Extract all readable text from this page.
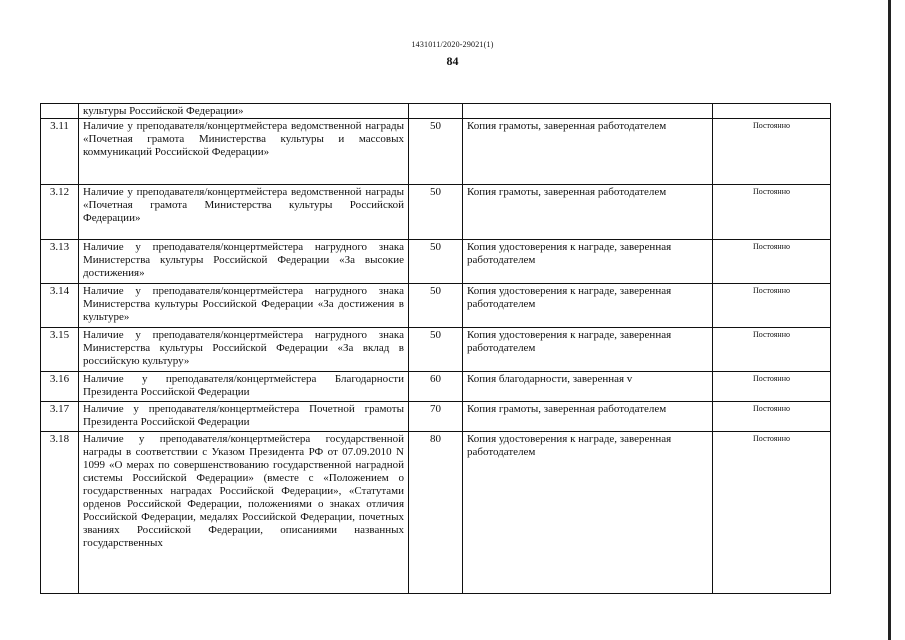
1431011/2020-29021(1)
84
	культуры Российской Федерации»			
3.11	Наличие у преподавателя/концертмейстера ведомственной награды «Почетная грамота Министерства культуры и массовых коммуникаций Российской Федерации»	50	Копия грамоты, заверенная работодателем	Постоянно
3.12	Наличие у преподавателя/концертмейстера ведомственной награды «Почетная грамота Министерства культуры Российской Федерации»	50	Копия грамоты, заверенная работодателем	Постоянно
3.13	Наличие у преподавателя/концертмейстера нагрудного знака Министерства культуры Российской Федерации «За высокие достижения»	50	Копия удостоверения к награде, заверенная работодателем	Постоянно
3.14	Наличие у преподавателя/концертмейстера нагрудного знака Министерства культуры Российской Федерации «За достижения в культуре»	50	Копия удостоверения к награде, заверенная работодателем	Постоянно
3.15	Наличие у преподавателя/концертмейстера нагрудного знака Министерства культуры Российской Федерации «За вклад в российскую культуру»	50	Копия удостоверения к награде, заверенная работодателем	Постоянно
3.16	Наличие у преподавателя/концертмейстера Благодарности Президента Российской Федерации	60	Копия благодарности, заверенная v	Постоянно
3.17	Наличие у преподавателя/концертмейстера Почетной грамоты Президента Российской Федерации	70	Копия грамоты, заверенная работодателем	Постоянно
3.18	Наличие у преподавателя/концертмейстера государственной награды в соответствии с Указом Президента РФ от 07.09.2010 N 1099 «О мерах по совершенствованию государственной наградной системы Российской Федерации» (вместе с «Положением о государственных наградах Российской Федерации», «Статутами орденов Российской Федерации, положениями о знаках отличия Российской Федерации, медалях Российской Федерации, почетных званиях Российской Федерации, описаниями названных государственных	80	Копия удостоверения к награде, заверенная работодателем	Постоянно
